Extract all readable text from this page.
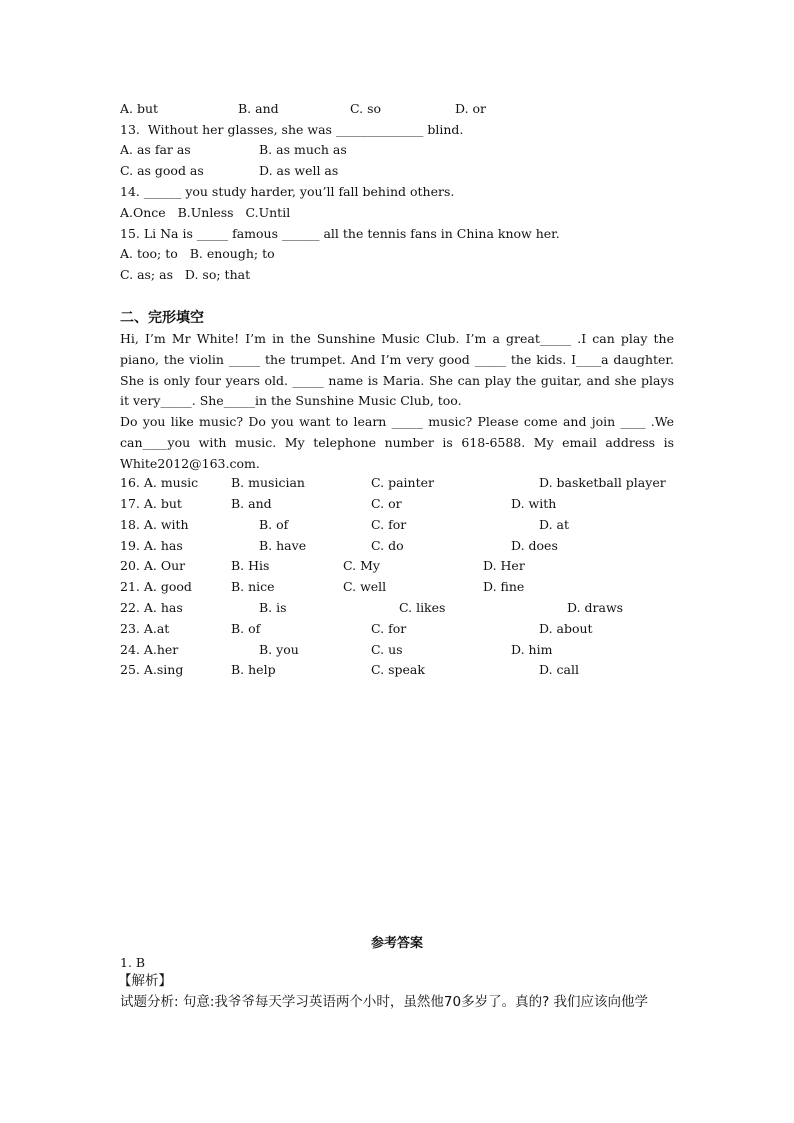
A. but	B. and	C. so	D. or
13.  Without her glasses, she was ______________ blind.
A. as far as	B. as much as
C. as good as	D. as well as
14. ______ you study harder, you’ll fall behind others.
A.Once   B.Unless   C.Until
15. Li Na is _____ famous ______ all the tennis fans in China know her.
A. too; to   B. enough; to
C. as; as   D. so; that
二、完形填空
Hi, I’m Mr White! I’m in the Sunshine Music Club. I’m a great_____ .I can play the piano, the violin _____ the trumpet. And I’m very good _____ the kids. I____a daughter. She is only four years old. _____ name is Maria. She can play the guitar, and she plays it very_____. She_____in the Sunshine Music Club, too.
Do you like music? Do you want to learn _____ music? Please come and join ____ .We can____you with music. My telephone number is 618-6588. My email address is White2012@163.com.
16. A. music	B. musician	C. painter	D. basketball player
17. A. but	B. and	C. or	D. with
18. A. with	B. of	C. for	D. at
19. A. has	B. have	C. do	D. does
20. A. Our	B. His	C. My	D. Her
21. A. good	B. nice	C. well	D. fine
22. A. has	B. is	C. likes	D. draws
23. A.at	B. of	C. for	D. about
24. A.her	B. you	C. us	D. him
25. A.sing	B. help	C. speak	D. call
参考答案
1. B
【解析】
试题分析: 句意:我爷爷每天学习英语两个小时，虽然他70多岁了。真的? 我们应该向他学
